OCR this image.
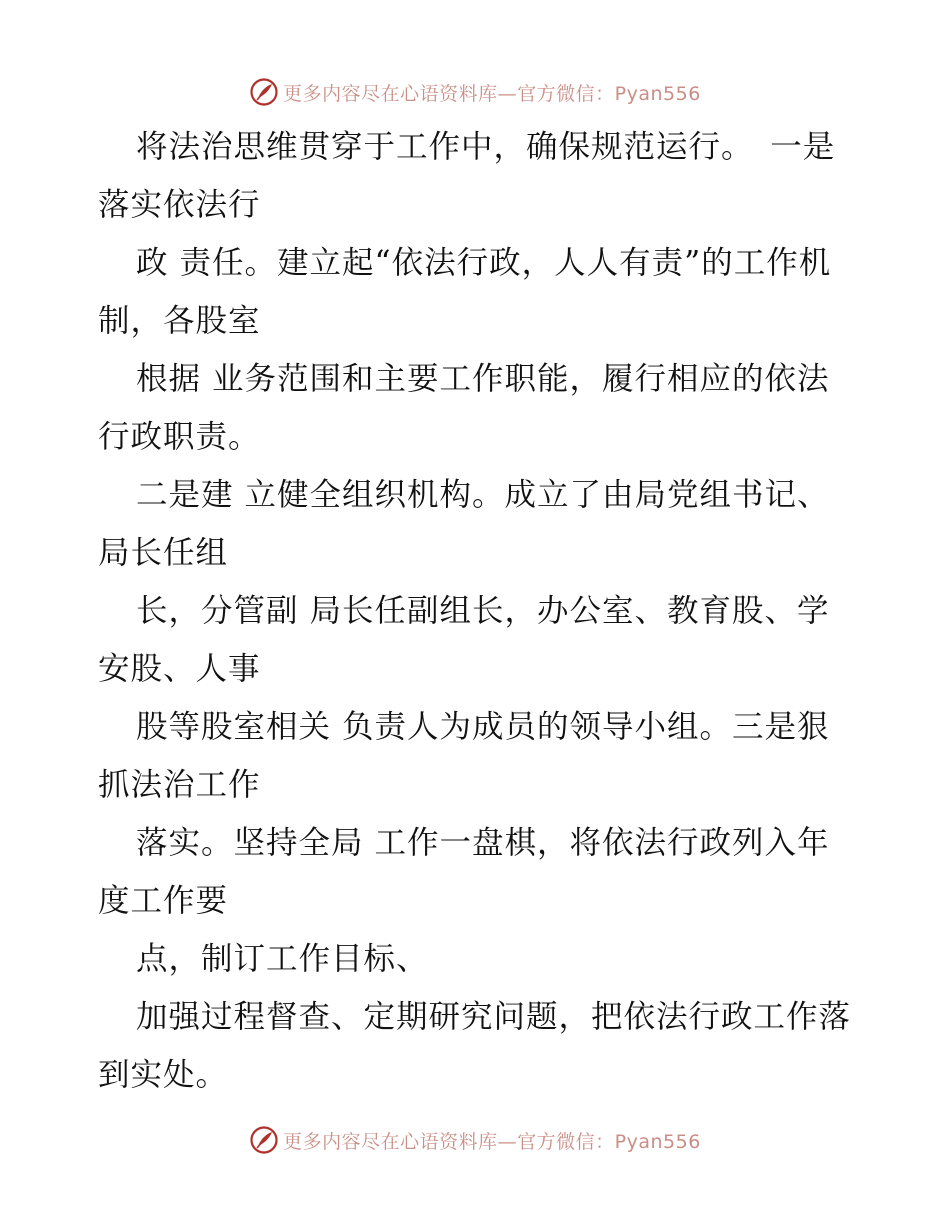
更多内容尽在心语资料库—官方微信：Pyan556

将法治思维贯穿于工作中，确保规范运行。　一是落实依法行

政 责任。建立起“依法行政，人人有责”的工作机制，各股室

根据 业务范围和主要工作职能，履行相应的依法行政职责。

二是建 立健全组织机构。成立了由局党组书记、局长任组

长，分管副 局长任副组长，办公室、教育股、学安股、人事

股等股室相关 负责人为成员的领导小组。三是狠抓法治工作

落实。坚持全局 工作一盘棋，将依法行政列入年度工作要

点，制订工作目标、

加强过程督查、定期研究问题，把依法行政工作落到实处。

更多内容尽在心语资料库—官方微信：Pyan556
